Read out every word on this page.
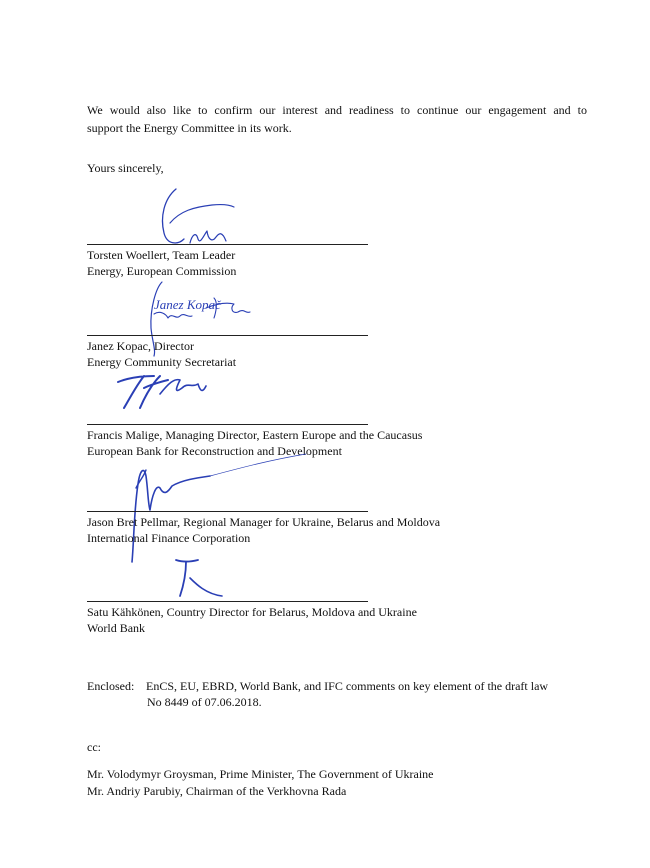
We would also like to confirm our interest and readiness to continue our engagement and to
support the Energy Committee in its work.
Yours sincerely,
Torsten Woellert, Team Leader
Energy, European Commission
Janez Kopac, Director
Energy Community Secretariat
Francis Malige, Managing Director, Eastern Europe and the Caucasus
European Bank for Reconstruction and Development
Jason Bret Pellmar, Regional Manager for Ukraine, Belarus and Moldova
International Finance Corporation
Satu Kähkönen, Country Director for Belarus, Moldova and Ukraine
World Bank
Janez Kopač
Enclosed: EnCS, EU, EBRD, World Bank, and IFC comments on key element of the draft law
No 8449 of 07.06.2018.
cc:
Mr. Volodymyr Groysman, Prime Minister, The Government of Ukraine
Mr. Andriy Parubiy, Chairman of the Verkhovna Rada
